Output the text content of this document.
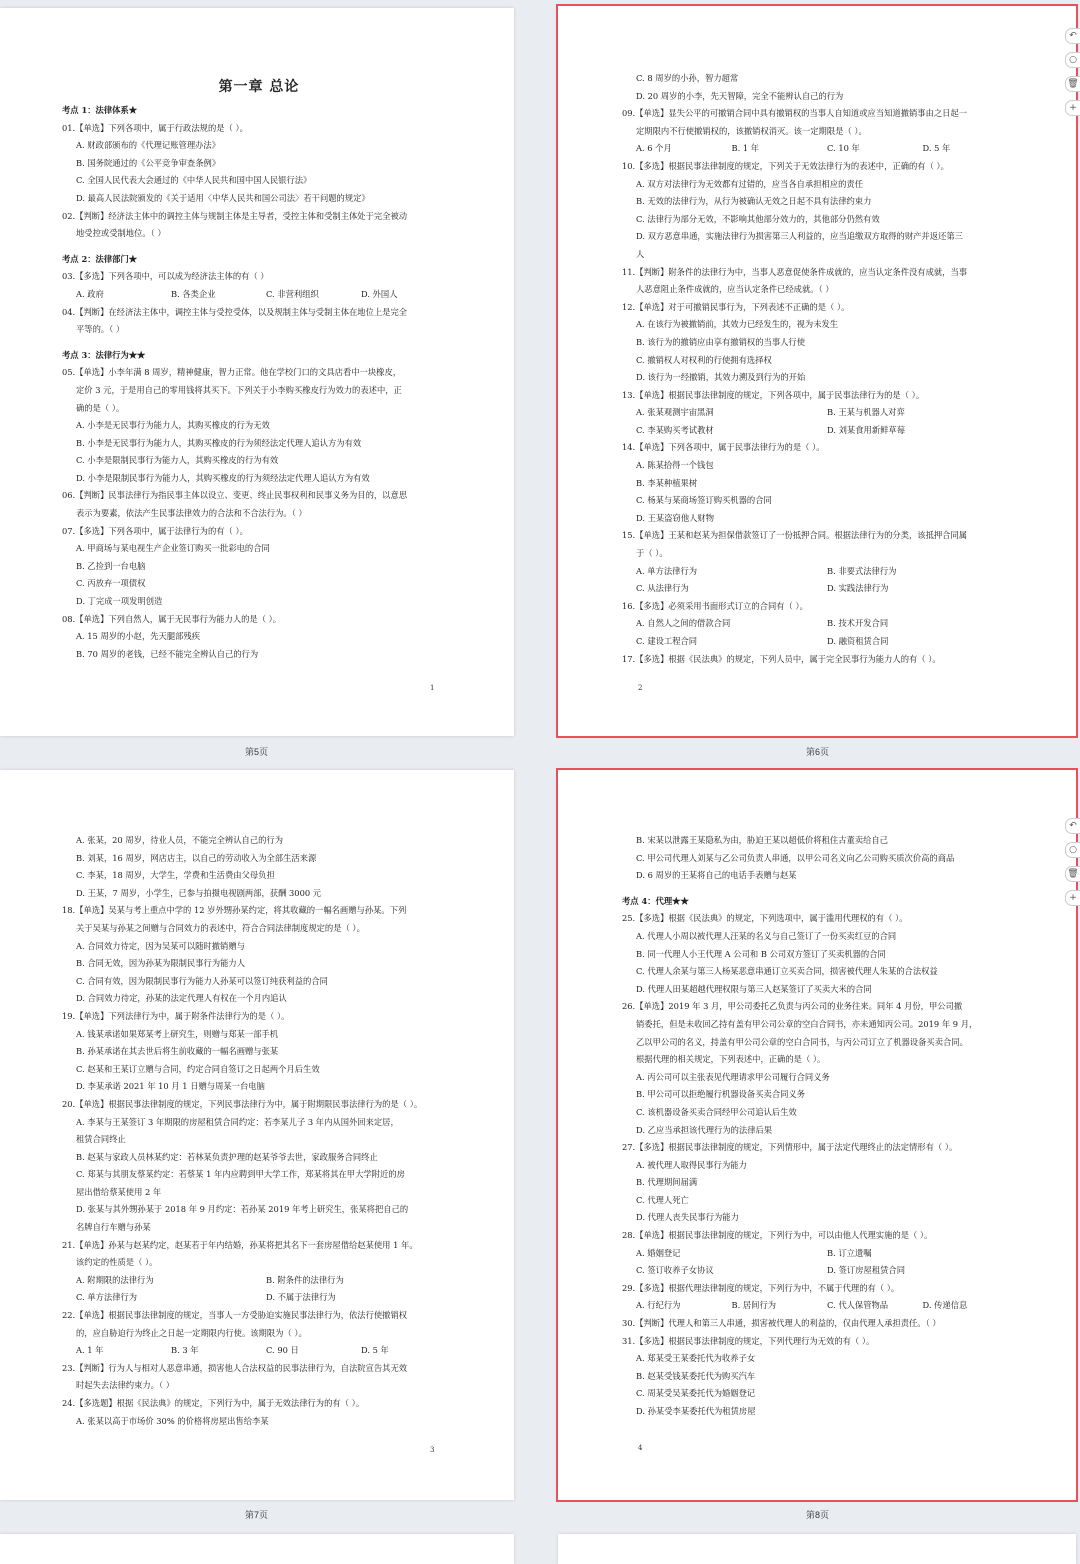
第一章 总论
考点 1：法律体系★
01.【单选】下列各项中，属于行政法规的是（ ）。
A. 财政部颁布的《代理记账管理办法》
B. 国务院通过的《公平竞争审查条例》
C. 全国人民代表大会通过的《中华人民共和国中国人民银行法》
D. 最高人民法院颁发的《关于适用〈中华人民共和国公司法〉若干问题的规定》
02.【判断】经济法主体中的调控主体与规制主体是主导者，受控主体和受制主体处于完全被动
地受控或受制地位。（ ）
考点 2：法律部门★
03.【多选】下列各项中，可以成为经济法主体的有（ ）
A. 政府	B. 各类企业	C. 非营利组织	D. 外国人
04.【判断】在经济法主体中，调控主体与受控受体，以及规制主体与受制主体在地位上是完全
平等的。（ ）
考点 3：法律行为★★
05.【单选】小李年满 8 周岁，精神健康，智力正常。他在学校门口的文具店看中一块橡皮，
定价 3 元，于是用自己的零用钱将其买下。下列关于小李购买橡皮行为效力的表述中，正
确的是（ ）。
A. 小李是无民事行为能力人，其购买橡皮的行为无效
B. 小李是无民事行为能力人，其购买橡皮的行为须经法定代理人追认方为有效
C. 小李是限制民事行为能力人，其购买橡皮的行为有效
D. 小李是限制民事行为能力人，其购买橡皮的行为须经法定代理人追认方为有效
06.【判断】民事法律行为指民事主体以设立、变更、终止民事权利和民事义务为目的，以意思
表示为要素，依法产生民事法律效力的合法和不合法行为。（ ）
07.【多选】下列各项中，属于法律行为的有（ ）。
A. 甲商场与某电视生产企业签订购买一批彩电的合同
B. 乙捡到一台电脑
C. 丙放弃一项债权
D. 丁完成一项发明创造
08.【单选】下列自然人，属于无民事行为能力人的是（ ）。
A. 15 周岁的小赵，先天腿部残疾
B. 70 周岁的老钱，已经不能完全辨认自己的行为
1
第5页
C. 8 周岁的小孙，智力超常
D. 20 周岁的小李，先天智障，完全不能辨认自己的行为
09.【单选】显失公平的可撤销合同中具有撤销权的当事人自知道或应当知道撤销事由之日起一
定期限内不行使撤销权的，该撤销权消灭。该一定期限是（ ）。
A. 6 个月	B. 1 年	C. 10 年	D. 5 年
10.【多选】根据民事法律制度的规定，下列关于无效法律行为的表述中，正确的有（ ）。
A. 双方对法律行为无效都有过错的，应当各自承担相应的责任
B. 无效的法律行为，从行为被确认无效之日起不具有法律约束力
C. 法律行为部分无效，不影响其他部分效力的，其他部分仍然有效
D. 双方恶意串通，实施法律行为损害第三人利益的，应当追缴双方取得的财产并返还第三
人
11.【判断】附条件的法律行为中，当事人恶意促使条件成就的，应当认定条件没有成就，当事
人恶意阻止条件成就的，应当认定条件已经成就。（ ）
12.【单选】对于可撤销民事行为，下列表述不正确的是（ ）。
A. 在该行为被撤销前，其效力已经发生的，视为未发生
B. 该行为的撤销应由享有撤销权的当事人行使
C. 撤销权人对权利的行使拥有选择权
D. 该行为一经撤销，其效力溯及到行为的开始
13.【单选】根据民事法律制度的规定，下列各项中，属于民事法律行为的是（ ）。
A. 张某观测宇宙黑洞	B. 王某与机器人对弈
C. 李某购买考试教材	D. 刘某食用新鲜草莓
14.【单选】下列各项中，属于民事法律行为的是（ ）。
A. 陈某拾得一个钱包
B. 李某种植果树
C. 杨某与某商场签订购买机器的合同
D. 王某盗窃他人财物
15.【单选】王某和赵某为担保借款签订了一份抵押合同。根据法律行为的分类，该抵押合同属
于（ ）。
A. 单方法律行为	B. 非要式法律行为
C. 从法律行为	D. 实践法律行为
16.【多选】必须采用书面形式订立的合同有（ ）。
A. 自然人之间的借款合同	B. 技术开发合同
C. 建设工程合同	D. 融资租赁合同
17.【多选】根据《民法典》的规定，下列人员中，属于完全民事行为能力人的有（ ）。
2
第6页
↶
○
🗑
+
A. 张某，20 周岁，待业人员，不能完全辨认自己的行为
B. 刘某，16 周岁，网店店主，以自己的劳动收入为全部生活来源
C. 李某，18 周岁，大学生，学费和生活费由父母负担
D. 王某，7 周岁，小学生，已参与拍摄电视剧两部，获酬 3000 元
18.【单选】吴某与考上重点中学的 12 岁外甥孙某约定，将其收藏的一幅名画赠与孙某。下列
关于吴某与孙某之间赠与合同效力的表述中，符合合同法律制度规定的是（ ）。
A. 合同效力待定，因为吴某可以随时撤销赠与
B. 合同无效，因为孙某为限制民事行为能力人
C. 合同有效，因为限制民事行为能力人孙某可以签订纯获利益的合同
D. 合同效力待定，孙某的法定代理人有权在一个月内追认
19.【单选】下列法律行为中，属于附条件法律行为的是（ ）。
A. 钱某承诺如果郑某考上研究生，则赠与郑某一部手机
B. 孙某承诺在其去世后将生前收藏的一幅名画赠与张某
C. 赵某和王某订立赠与合同，约定合同自签订之日起两个月后生效
D. 李某承诺 2021 年 10 月 1 日赠与周某一台电脑
20.【单选】根据民事法律制度的规定，下列民事法律行为中，属于附期限民事法律行为的是（ ）。
A. 李某与王某签订 3 年期限的房屋租赁合同约定：若李某儿子 3 年内从国外回来定居，
租赁合同终止
B. 赵某与家政人员林某约定：若林某负责护理的赵某爷爷去世，家政服务合同终止
C. 郑某与其朋友蔡某约定：若蔡某 1 年内应聘到甲大学工作，郑某将其在甲大学附近的房
屋出借给蔡某使用 2 年
D. 张某与其外甥孙某于 2018 年 9 月约定：若孙某 2019 年考上研究生，张某将把自己的
名牌自行车赠与孙某
21.【单选】孙某与赵某约定，赵某若于年内结婚，孙某将把其名下一套房屋借给赵某使用 1 年。
该约定的性质是（ ）。
A. 附期限的法律行为	B. 附条件的法律行为
C. 单方法律行为	D. 不属于法律行为
22.【单选】根据民事法律制度的规定，当事人一方受胁迫实施民事法律行为，依法行使撤销权
的，应自胁迫行为终止之日起一定期限内行使。该期限为（ ）。
A. 1 年	B. 3 年	C. 90 日	D. 5 年
23.【判断】行为人与相对人恶意串通，损害他人合法权益的民事法律行为，自法院宣告其无效
时起失去法律约束力。（ ）
24.【多选题】根据《民法典》的规定，下列行为中，属于无效法律行为的有（ ）。
A. 张某以高于市场价 30% 的价格将房屋出售给李某
3
第7页
B. 宋某以泄露王某隐私为由，胁迫王某以超低价将租住古董卖给自己
C. 甲公司代理人刘某与乙公司负责人串通，以甲公司名义向乙公司购买质次价高的商品
D. 6 周岁的王某将自己的电话手表赠与赵某
考点 4：代理★★
25.【多选】根据《民法典》的规定，下列选项中，属于滥用代理权的有（ ）。
A. 代理人小周以被代理人汪某的名义与自己签订了一份买卖红豆的合同
B. 同一代理人小王代理 A 公司和 B 公司双方签订了买卖机器的合同
C. 代理人余某与第三人杨某恶意串通订立买卖合同，损害被代理人朱某的合法权益
D. 代理人田某超越代理权限与第三人赵某签订了买卖大米的合同
26.【单选】2019 年 3 月，甲公司委托乙负责与丙公司的业务往来。同年 4 月份，甲公司撤
销委托，但是未收回乙持有盖有甲公司公章的空白合同书，亦未通知丙公司。2019 年 9 月，
乙以甲公司的名义，持盖有甲公司公章的空白合同书，与丙公司订立了机器设备买卖合同。
根据代理的相关规定，下列表述中，正确的是（ ）。
A. 丙公司可以主张表见代理请求甲公司履行合同义务
B. 甲公司可以拒绝履行机器设备买卖合同义务
C. 该机器设备买卖合同经甲公司追认后生效
D. 乙应当承担该代理行为的法律后果
27.【多选】根据民事法律制度的规定，下列情形中，属于法定代理终止的法定情形有（ ）。
A. 被代理人取得民事行为能力
B. 代理期间届满
C. 代理人死亡
D. 代理人丧失民事行为能力
28.【单选】根据民事法律制度的规定，下列行为中，可以由他人代理实施的是（ ）。
A. 婚姻登记	B. 订立遗嘱
C. 签订收养子女协议	D. 签订房屋租赁合同
29.【多选】根据代理法律制度的规定，下列行为中，不属于代理的有（ ）。
A. 行纪行为	B. 居间行为	C. 代人保管物品	D. 传递信息
30.【判断】代理人和第三人串通，损害被代理人的利益的，仅由代理人承担责任。（ ）
31.【多选】根据民事法律制度的规定，下列代理行为无效的有（ ）。
A. 郑某受王某委托代为收养子女
B. 赵某受钱某委托代为购买汽车
C. 周某受吴某委托代为婚姻登记
D. 孙某受李某委托代为租赁房屋
4
第8页
↶
○
🗑
+
